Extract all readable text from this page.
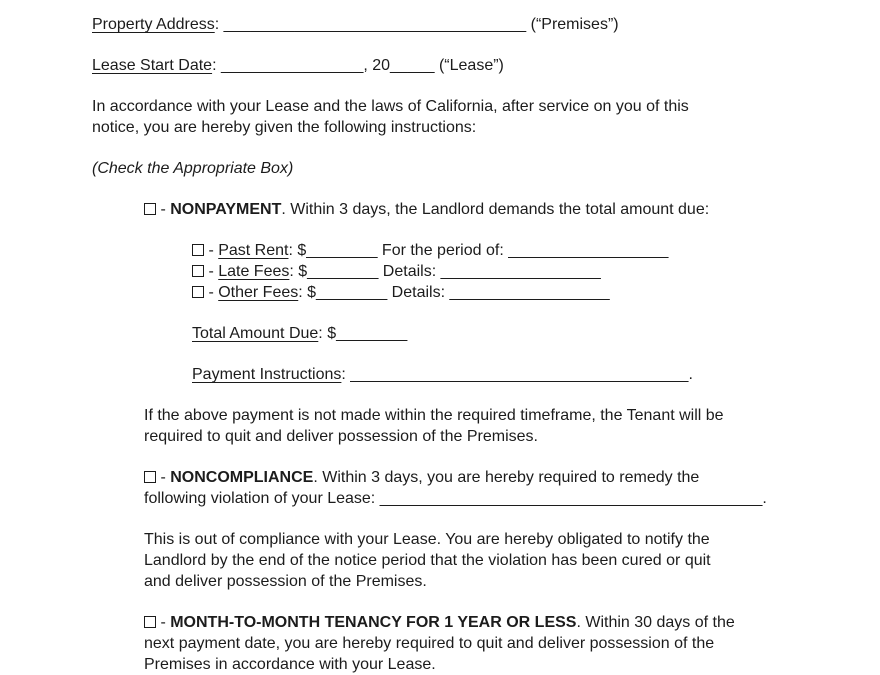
Property Address: __________________________________ (“Premises”)
Lease Start Date: ________________, 20_____ (“Lease”)
In accordance with your Lease and the laws of California, after service on you of this
notice, you are hereby given the following instructions:
(Check the Appropriate Box)
- NONPAYMENT. Within 3 days, the Landlord demands the total amount due:
- Past Rent: $________ For the period of: __________________
- Late Fees: $________ Details: __________________
- Other Fees: $________ Details: __________________
Total Amount Due: $________
Payment Instructions: ______________________________________.
If the above payment is not made within the required timeframe, the Tenant will be
required to quit and deliver possession of the Premises.
- NONCOMPLIANCE. Within 3 days, you are hereby required to remedy the
following violation of your Lease: ___________________________________________.
This is out of compliance with your Lease. You are hereby obligated to notify the
Landlord by the end of the notice period that the violation has been cured or quit
and deliver possession of the Premises.
- MONTH-TO-MONTH TENANCY FOR 1 YEAR OR LESS. Within 30 days of the
next payment date, you are hereby required to quit and deliver possession of the
Premises in accordance with your Lease.
